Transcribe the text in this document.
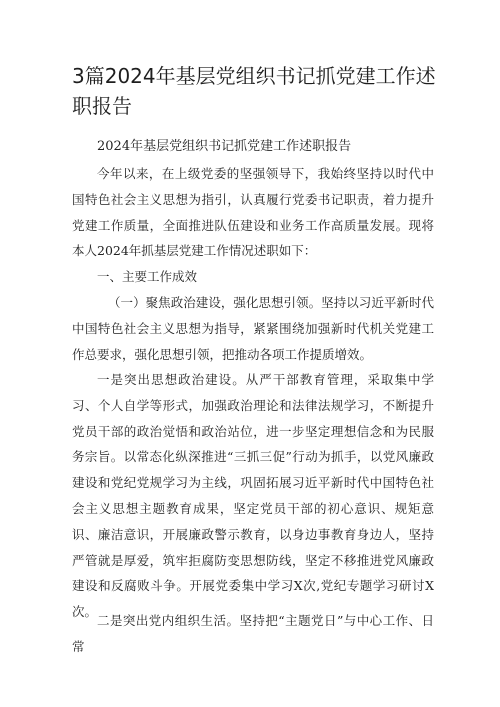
3篇2024年基层党组织书记抓党建工作述职报告

2024年基层党组织书记抓党建工作述职报告

今年以来，在上级党委的坚强领导下，我始终坚持以时代中国特色社会主义思想为指引，认真履行党委书记职责，着力提升党建工作质量，全面推进队伍建设和业务工作高质量发展。现将本人2024年抓基层党建工作情况述职如下：

一、主要工作成效

（一）聚焦政治建设，强化思想引领。坚持以习近平新时代中国特色社会主义思想为指导，紧紧围绕加强新时代机关党建工作总要求，强化思想引领，把推动各项工作提质增效。

一是突出思想政治建设。从严干部教育管理，采取集中学习、个人自学等形式，加强政治理论和法律法规学习，不断提升党员干部的政治觉悟和政治站位，进一步坚定理想信念和为民服务宗旨。以常态化纵深推进“三抓三促”行动为抓手，以党风廉政建设和党纪党规学习为主线，巩固拓展习近平新时代中国特色社会主义思想主题教育成果，坚定党员干部的初心意识、规矩意识、廉洁意识，开展廉政警示教育，以身边事教育身边人，坚持严管就是厚爱，筑牢拒腐防变思想防线，坚定不移推进党风廉政建设和反腐败斗争。开展党委集中学习X次,党纪专题学习研讨X次。

二是突出党内组织生活。坚持把“主题党日”与中心工作、日常
